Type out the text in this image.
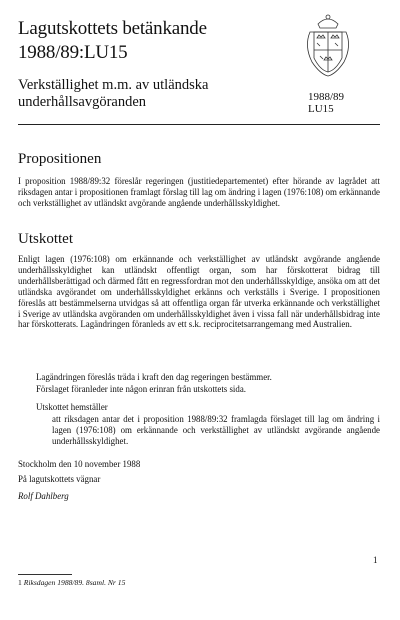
Lagutskottets betänkande
1988/89:LU15
Verkställighet m.m. av utländska
underhållsavgöranden	1988/89
LU15
Propositionen
I proposition 1988/89:32 föreslår regeringen (justitiedepartementet) efter hörande av lagrådet att riksdagen antar i propositionen framlagt förslag till lag om ändring i lagen (1976:108) om erkännande och verkställighet av utländskt avgörande angående underhållsskyldighet.
Utskottet
Enligt lagen (1976:108) om erkännande och verkställighet av utländskt avgörande angående underhållsskyldighet kan utländskt offentligt organ, som har förskotterat bidrag till underhållsberättigad och därmed fått en regressfordran mot den underhållsskyldige, ansöka om att det utländska avgörandet om underhållsskyldighet erkänns och verkställs i Sverige. I propositionen föreslås att bestämmelserna utvidgas så att offentliga organ får utverka erkännande och verkställighet i Sverige av utländska avgöranden om underhållsskyldighet även i vissa fall när underhållsbidrag inte har förskotterats. Lagändringen föranleds av ett s.k. reciprocitetsarrangemang med Australien.
Lagändringen föreslås träda i kraft den dag regeringen bestämmer.
Förslaget föranleder inte någon erinran från utskottets sida.
Utskottet hemställer
att riksdagen antar det i proposition 1988/89:32 framlagda förslaget till lag om ändring i lagen (1976:108) om erkännande och verkställighet av utländskt avgörande angående underhållsskyldighet.
Stockholm den 10 november 1988
På lagutskottets vägnar
Rolf Dahlberg
1
1 Riksdagen 1988/89. 8saml. Nr 15
